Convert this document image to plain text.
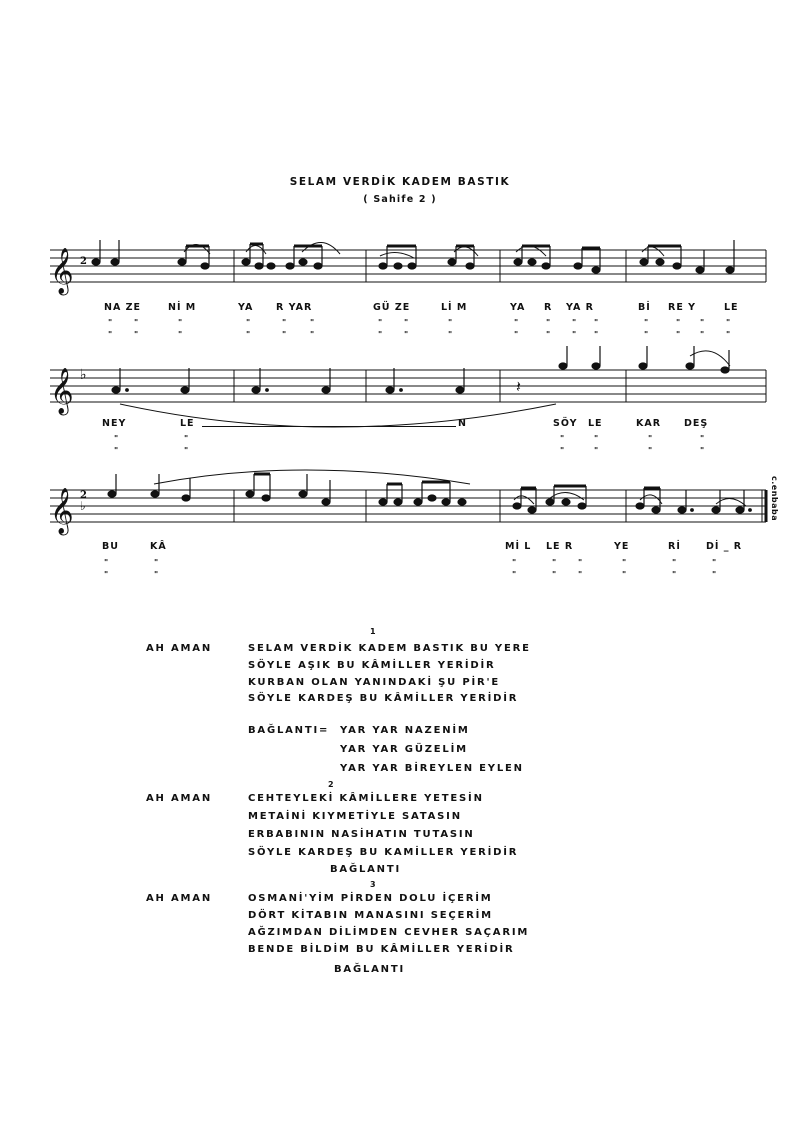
SELAM VERDİK KADEM BASTIK
( Sahife 2 )
𝄞
𝄞
𝄞
2
♭
2
♭
𝄽
NA ZE	Nİ M	YA R YAR	GÜ ZE	Lİ M	YA R YA R	Bİ RE Y	LE
"	"	"	"	"	"	"	"	"	"	"	" "	"	" "	"
"	"	"	"	"	"	"	"	"	"	"	" "	"	" "	"
NEY	LE	N	SÖY LE	KAR DEŞ
"	"	"	"	"	"
"	"	"	"	"	"
BU	KÂ	Mİ L LE R	YE	Rİ	Dİ _ R
"	"	"	"	"	"	"	"
"	"	"	"	"	"	"	"
c.enbaba
1
AH AMAN	SELAM VERDİK KADEM BASTIK BU YERE
SÖYLE AŞIK BU KÂMİLLER YERİDİR
KURBAN OLAN YANINDAKİ ŞU PİR'E
SÖYLE KARDEŞ BU KÂMİLLER YERİDİR
BAĞLANTI= YAR YAR NAZENİM
YAR YAR GÜZELİM
YAR YAR BİREYLEN EYLEN
2
AH AMAN	CEHTEYLEKİ KÂMİLLERE YETESİN
METAİNİ KIYMETİYLE SATASIN
ERBABININ NASİHATIN TUTASIN
SÖYLE KARDEŞ BU KAMİLLER YERİDİR
BAĞLANTI
3
AH AMAN	OSMANİ'YİM PİRDEN DOLU İÇERİM
DÖRT KİTABIN MANASINI SEÇERİM
AĞZIMDAN DİLİMDEN CEVHER SAÇARIM
BENDE BİLDİM BU KÂMİLLER YERİDİR
BAĞLANTI
